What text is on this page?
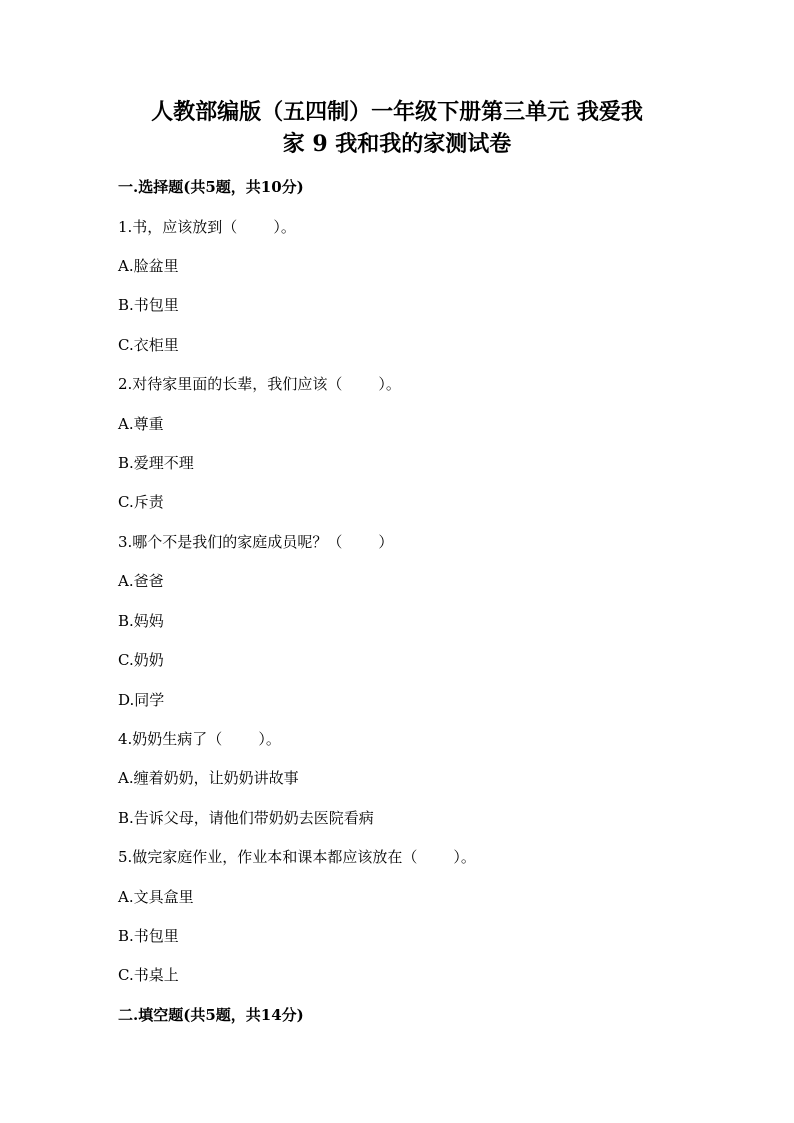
人教部编版（五四制）一年级下册第三单元 我爱我
家 9 我和我的家测试卷
一.选择题(共5题，共10分)
1.书，应该放到（ ）。
A.脸盆里
B.书包里
C.衣柜里
2.对待家里面的长辈，我们应该（ ）。
A.尊重
B.爱理不理
C.斥责
3.哪个不是我们的家庭成员呢？（ ）
A.爸爸
B.妈妈
C.奶奶
D.同学
4.奶奶生病了（ ）。
A.缠着奶奶，让奶奶讲故事
B.告诉父母，请他们带奶奶去医院看病
5.做完家庭作业，作业本和课本都应该放在（ ）。
A.文具盒里
B.书包里
C.书桌上
二.填空题(共5题，共14分)
